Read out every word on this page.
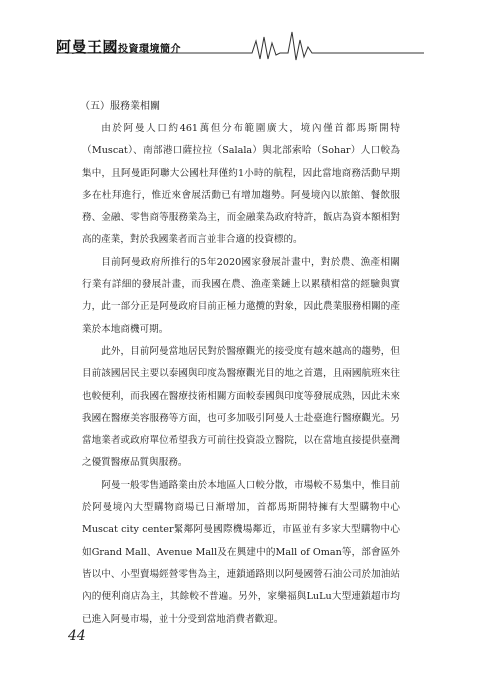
阿曼王國投資環境簡介
（五）服務業相關

由於阿曼人口約461萬但分布範圍廣大，境內僅首都馬斯開特（Muscat）、南部港口薩拉拉（Salala）與北部索哈（Sohar）人口較為集中，且阿曼距阿聯大公國杜拜僅約1小時的航程，因此當地商務活動早期多在杜拜進行，惟近來會展活動已有增加趨勢。阿曼境內以旅館、餐飲服務、金融、零售商等服務業為主，而金融業為政府特許，飯店為資本額相對高的產業，對於我國業者而言並非合適的投資標的。

目前阿曼政府所推行的5年2020國家發展計畫中，對於農、漁產相關行業有詳細的發展計畫，而我國在農、漁產業鏈上以累積相當的經驗與實力，此一部分正是阿曼政府目前正極力邀攬的對象，因此農業服務相關的產業於本地商機可期。

此外，目前阿曼當地居民對於醫療觀光的接受度有越來越高的趨勢，但目前該國居民主要以泰國與印度為醫療觀光目的地之首選，且兩國航班來往也較便利，而我國在醫療技術相關方面較泰國與印度等發展成熟，因此未來我國在醫療美容服務等方面，也可多加吸引阿曼人士赴臺進行醫療觀光。另當地業者或政府單位希望我方可前往投資設立醫院，以在當地直接提供臺灣之優質醫療品質與服務。

阿曼一般零售通路業由於本地區人口較分散，市場較不易集中，惟目前於阿曼境內大型購物商場已日漸增加，首都馬斯開特擁有大型購物中心Muscat city center緊鄰阿曼國際機場鄰近，市區並有多家大型購物中心如Grand Mall、Avenue Mall及在興建中的Mall of Oman等，部會區外皆以中、小型賣場經營零售為主，連鎖通路則以阿曼國營石油公司於加油站內的便利商店為主，其餘較不普遍。另外，家樂福與LuLu大型連鎖超市均已進入阿曼市場，並十分受到當地消費者歡迎。

44
